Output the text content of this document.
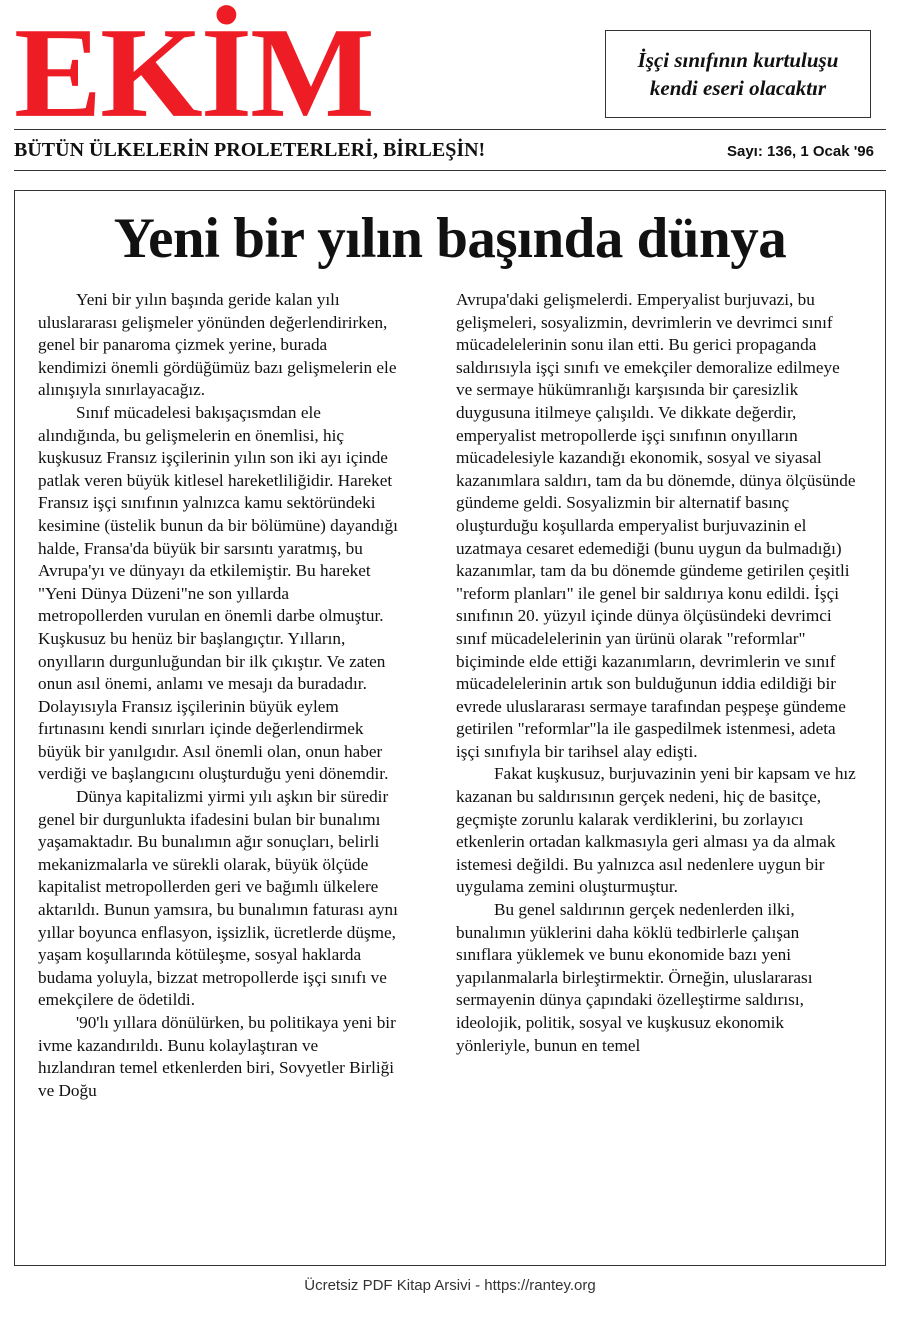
EKİM	İşçi sınıfının kurtuluşu
kendi eseri olacaktır
BÜTÜN ÜLKELERİN PROLETERLERİ, BİRLEŞİN!	Sayı: 136, 1 Ocak '96
Yeni bir yılın başında dünya

Yeni bir yılın başında geride kalan yılı uluslararası gelişmeler yönünden değerlendirirken, genel bir panaroma çizmek yerine, burada kendimizi önemli gördüğümüz bazı gelişmelerin ele alınışıyla sınırlayacağız.

Sınıf mücadelesi bakışaçısmdan ele alındığında, bu gelişmelerin en önemlisi, hiç kuşkusuz Fransız işçilerinin yılın son iki ayı içinde patlak veren büyük kitlesel hareketliliğidir. Hareket Fransız işçi sınıfının yalnızca kamu sektöründeki kesimine (üstelik bunun da bir bölümüne) dayandığı halde, Fransa'da büyük bir sarsıntı yaratmış, bu Avrupa'yı ve dünyayı da etkilemiştir. Bu hareket "Yeni Dünya Düzeni"ne son yıllarda metropollerden vurulan en önemli darbe olmuştur. Kuşkusuz bu henüz bir başlangıçtır. Yılların, onyılların durgunluğundan bir ilk çıkıştır. Ve zaten onun asıl önemi, anlamı ve mesajı da buradadır. Dolayısıyla Fransız işçilerinin büyük eylem fırtınasını kendi sınırları içinde değerlendirmek büyük bir yanılgıdır. Asıl önemli olan, onun haber verdiği ve başlangıcını oluşturduğu yeni dönemdir.

Dünya kapitalizmi yirmi yılı aşkın bir süredir genel bir durgunlukta ifadesini bulan bir bunalımı yaşamaktadır. Bu bunalımın ağır sonuçları, belirli mekanizmalarla ve sürekli olarak, büyük ölçüde kapitalist metropollerden geri ve bağımlı ülkelere aktarıldı. Bunun yamsıra, bu bunalımın faturası aynı yıllar boyunca enflasyon, işsizlik, ücretlerde düşme, yaşam koşullarında kötüleşme, sosyal haklarda budama yoluyla, bizzat metropollerde işçi sınıfı ve emekçilere de ödetildi.

'90'lı yıllara dönülürken, bu politikaya yeni bir ivme kazandırıldı. Bunu kolaylaştıran ve hızlandıran temel etkenlerden biri, Sovyetler Birliği ve Doğu

Avrupa'daki gelişmelerdi. Emperyalist burjuvazi, bu gelişmeleri, sosyalizmin, devrimlerin ve devrimci sınıf mücadelelerinin sonu ilan etti. Bu gerici propaganda saldırısıyla işçi sınıfı ve emekçiler demoralize edilmeye ve sermaye hükümranlığı karşısında bir çaresizlik duygusuna itilmeye çalışıldı. Ve dikkate değerdir, emperyalist metropollerde işçi sınıfının onyılların mücadelesiyle kazandığı ekonomik, sosyal ve siyasal kazanımlara saldırı, tam da bu dönemde, dünya ölçüsünde gündeme geldi. Sosyalizmin bir alternatif basınç oluşturduğu koşullarda emperyalist burjuvazinin el uzatmaya cesaret edemediği (bunu uygun da bulmadığı) kazanımlar, tam da bu dönemde gündeme getirilen çeşitli "reform planları" ile genel bir saldırıya konu edildi. İşçi sınıfının 20. yüzyıl içinde dünya ölçüsündeki devrimci sınıf mücadelelerinin yan ürünü olarak "reformlar" biçiminde elde ettiği kazanımların, devrimlerin ve sınıf mücadelelerinin artık son bulduğunun iddia edildiği bir evrede uluslararası sermaye tarafından peşpeşe gündeme getirilen "reformlar"la ile gaspedilmek istenmesi, adeta işçi sınıfıyla bir tarihsel alay edişti.

Fakat kuşkusuz, burjuvazinin yeni bir kapsam ve hız kazanan bu saldırısının gerçek nedeni, hiç de basitçe, geçmişte zorunlu kalarak verdiklerini, bu zorlayıcı etkenlerin ortadan kalkmasıyla geri alması ya da almak istemesi değildi. Bu yalnızca asıl nedenlere uygun bir uygulama zemini oluşturmuştur.

Bu genel saldırının gerçek nedenlerden ilki, bunalımın yüklerini daha köklü tedbirlerle çalışan sınıflara yüklemek ve bunu ekonomide bazı yeni yapılanmalarla birleştirmektir. Örneğin, uluslararası sermayenin dünya çapındaki özelleştirme saldırısı, ideolojik, politik, sosyal ve kuşkusuz ekonomik yönleriyle, bunun en temel

Ücretsiz PDF Kitap Arsivi - https://rantey.org
